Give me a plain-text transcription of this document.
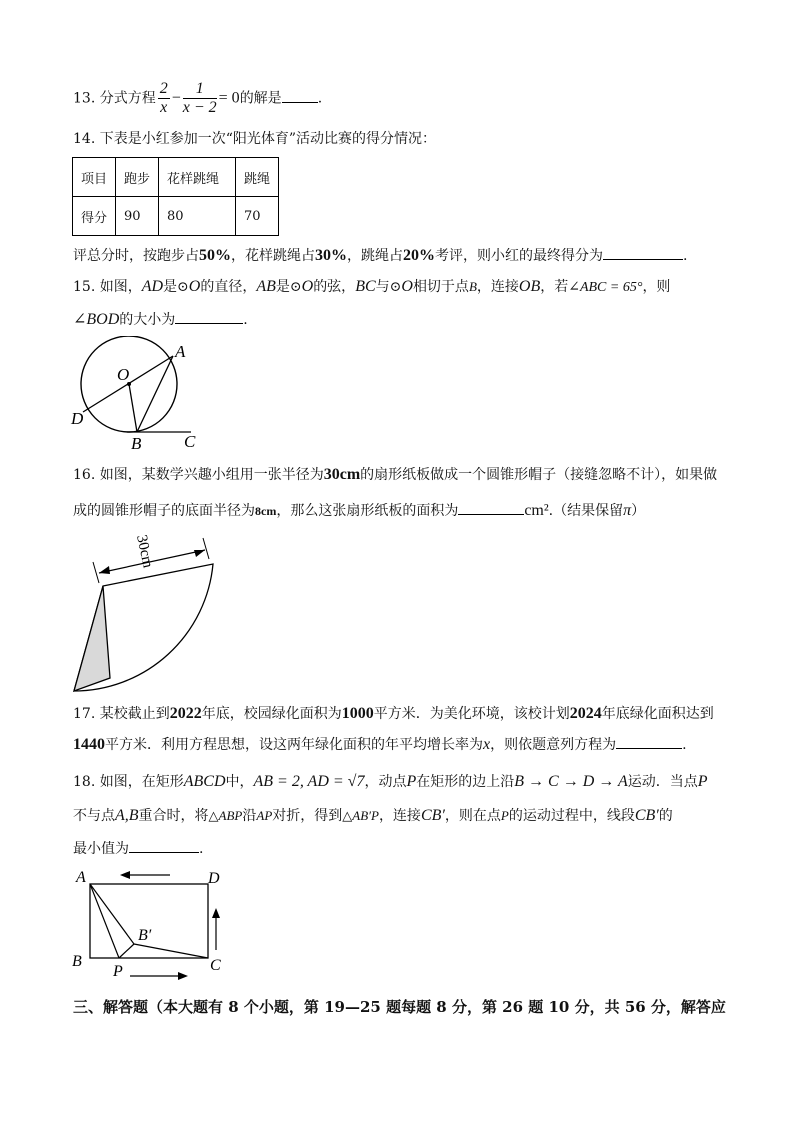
13. 分式方程 $\frac{2}{x} - \frac{1}{x - 2} = 0$的解是	.
14. 下表是小红参加一次“阳光体育”活动比赛的得分情况：
项目	跑步	花样跳绳	跳绳
得分	90	80	70
评总分时，按跑步占50%，花样跳绳占30%，跳绳占20%考评，则小红的最终得分为	.
15. 如图，AD是⊙O的直径，AB是⊙O的弦，BC与⊙O相切于点B，连接OB，若∠ABC = 65°，则
∠BOD的大小为	.
O
A
D
B	C
16. 如图，某数学兴趣小组用一张半径为30cm的扇形纸板做成一个圆锥形帽子（接缝忽略不计），如果做
成的圆锥形帽子的底面半径为8cm，那么这张扇形纸板的面积为	cm².（结果保留π）
30cm
17. 某校截止到2022年底，校园绿化面积为1000平方米．为美化环境，该校计划2024年底绿化面积达到
1440平方米．利用方程思想，设这两年绿化面积的年平均增长率为x，则依题意列方程为	.
18. 如图，在矩形ABCD中，AB = 2, AD = √7，动点P在矩形的边上沿B → C → D → A运动．当点P
不与点A,B重合时，将△ABP沿AP对折，得到△AB′P，连接CB′，则在点P的运动过程中，线段CB′的
最小值为	.
A	D
B	C
P
B′
三、解答题（本大题有 8 个小题，第 19—25 题每题 8 分，第 26 题 10 分，共 56 分，解答应
